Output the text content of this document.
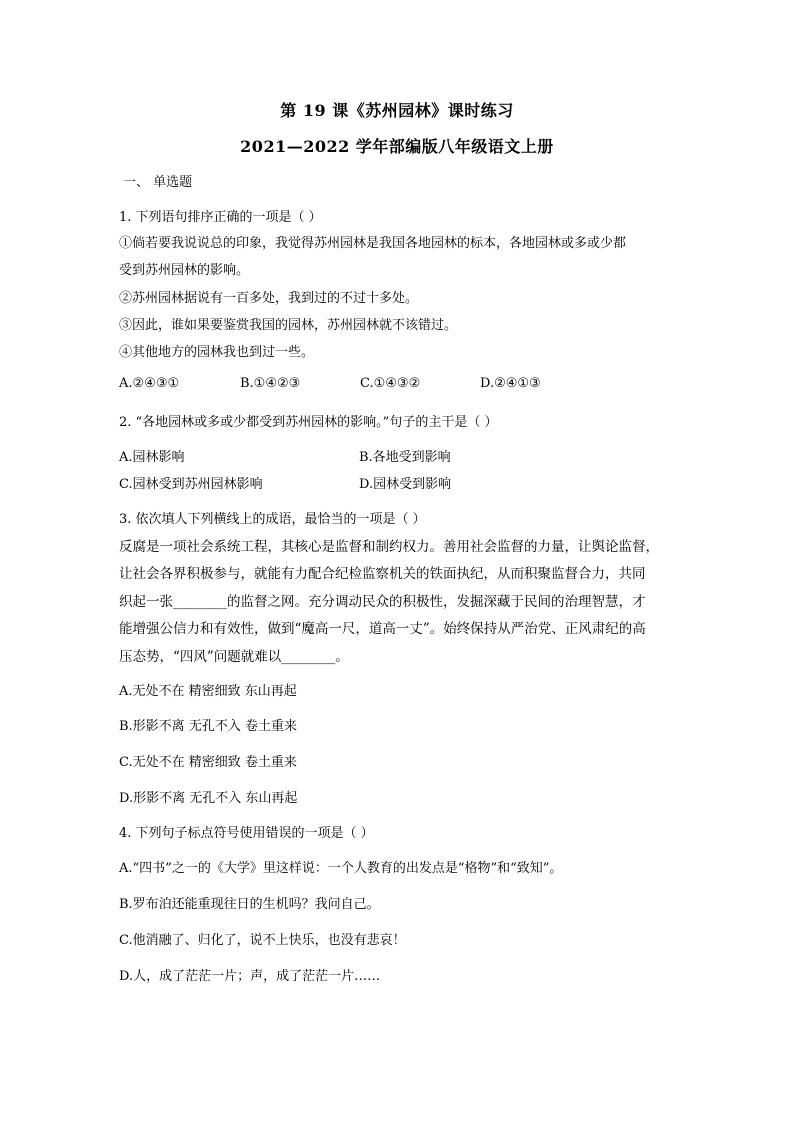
第 19 课《苏州园林》课时练习
2021—2022 学年部编版八年级语文上册
一、 单选题
1. 下列语句排序正确的一项是（ ）
①倘若要我说说总的印象，我觉得苏州园林是我国各地园林的标本，各地园林或多或少都
受到苏州园林的影响。
②苏州园林据说有一百多处，我到过的不过十多处。
③因此，谁如果要鉴赏我国的园林，苏州园林就不该错过。
④其他地方的园林我也到过一些。
A.②④③①	B.①④②③	C.①④③②	D.②④①③
2. “各地园林或多或少都受到苏州园林的影响。”句子的主干是（ ）
A.园林影响	B.各地受到影响
C.园林受到苏州园林影响	D.园林受到影响
3. 依次填人下列横线上的成语，最恰当的一项是（ ）
反腐是一项社会系统工程，其核心是监督和制约权力。善用社会监督的力量，让舆论监督，
让社会各界积极参与，就能有力配合纪检监察机关的铁面执纪，从而积聚监督合力，共同
织起一张________的监督之网。充分调动民众的积极性，发掘深藏于民间的治理智慧，才
能增强公信力和有效性，做到“魔高一尺，道高一丈”。始终保持从严治党、正风肃纪的高
压态势，“四风”问题就难以________。
A.无处不在 精密细致 东山再起
B.形影不离 无孔不入 卷土重来
C.无处不在 精密细致 卷土重来
D.形影不离 无孔不入 东山再起
4. 下列句子标点符号使用错误的一项是（ ）
A.“四书”之一的《大学》里这样说：一个人教育的出发点是“格物”和“致知”。
B.罗布泊还能重现往日的生机吗？我问自己。
C.他消融了、归化了，说不上快乐，也没有悲哀！
D.人，成了茫茫一片；声，成了茫茫一片……
